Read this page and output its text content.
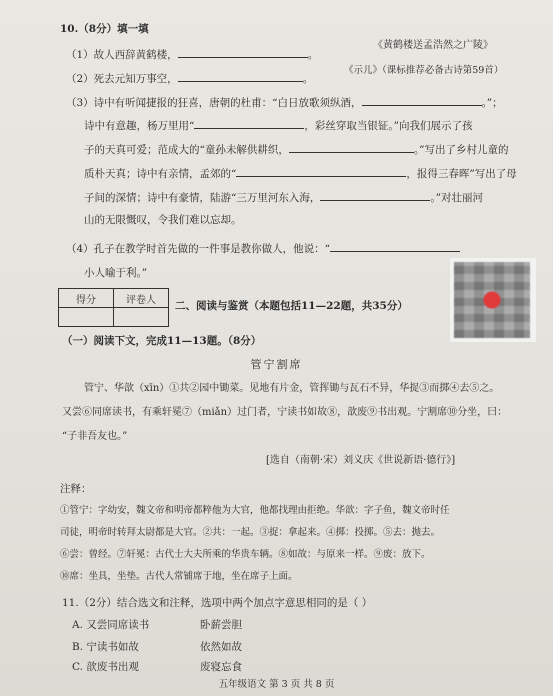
10.（8分）填一填
（1）故人西辞黄鹤楼，	。
《黄鹤楼送孟浩然之广陵》
（2）死去元知万事空，	。
《示儿》（课标推荐必备古诗第59首）
（3）诗中有听闻捷报的狂喜，唐朝的杜甫：“白日放歌须纵酒，	。”；
诗中有意趣，杨万里用“	，彩丝穿取当银钲。”向我们展示了孩
子的天真可爱；范成大的“童孙未解供耕织，	。”写出了乡村儿童的
质朴天真；诗中有亲情，孟郊的“	，报得三春晖”写出了母
子间的深情；诗中有豪情，陆游“三万里河东入海，	。”对壮丽河
山的无限慨叹，令我们难以忘却。
（4）孔子在教学时首先做的一件事是教你做人，他说：“
小人喻于利。”
得分	评卷人
	二、阅读与鉴赏（本题包括11—22题，共35分）
（一）阅读下文，完成11—13题。（8分）
管宁割席
管宁、华歆（xīn）①共②园中锄菜。见地有片金，管挥锄与瓦石不异，华捉③而掷④去⑤之。
又尝⑥同席读书，有乘轩冕⑦（miǎn）过门者，宁读书如故⑧，歆废⑨书出观。宁割席⑩分坐，曰：
“子非吾友也。”
[选自（南朝·宋）刘义庆《世说新语·德行》]
注释：
①管宁：字幼安，魏文帝和明帝都粹他为大官，他都找理由拒绝。华歆：字子鱼，魏文帝时任
司徒，明帝时转拜太尉都是大官。②共：一起。③捉：拿起来。④掷：投掷。⑤去：抛去。
⑥尝：曾经。⑦轩冕：古代士大夫所乘的华贵车辆。⑧如故：与原来一样。⑨废：放下。
⑩席：坐具，坐垫。古代人常铺席于地，坐在席子上面。
11.（2分）结合选文和注释，选项中两个加点字意思相同的是（ ）
A. 又尝同席读书	卧薪尝胆
B. 宁读书如故	依然如故
C. 歆废书出观	废寝忘食
五年级语文 第 3 页 共 8 页
